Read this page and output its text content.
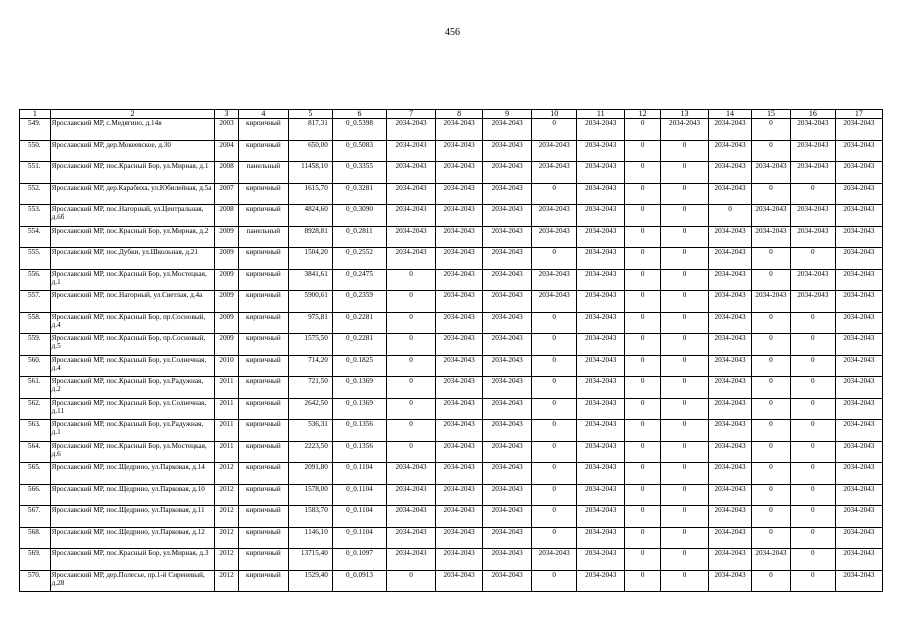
456
1	2	3	4	5	6	7	8	9	10	11	12	13	14	15	16	17
549.	Ярославский МР, с.Медягино, д.14в	2003	кирпичный	817,31	0_0.5398	2034-2043	2034-2043	2034-2043	0	2034-2043	0	2034-2043	2034-2043	0	2034-2043	2034-2043
550.	Ярославский МР, дер.Мокеевское, д.30	2004	кирпичный	650,00	0_0.5083	2034-2043	2034-2043	2034-2043	2034-2043	2034-2043	0	0	2034-2043	0	2034-2043	2034-2043
551.	Ярославский МР, пос.Красный Бор, ул.Мирная, д.1	2008	панельный	11458,10	0_0.3355	2034-2043	2034-2043	2034-2043	2034-2043	2034-2043	0	0	2034-2043	2034-2043	2034-2043	2034-2043
552.	Ярославский МР, дер.Карабиха, ул.Юбилейная, д.5а	2007	кирпичный	1615,70	0_0.3281	2034-2043	2034-2043	2034-2043	0	2034-2043	0	0	2034-2043	0	0	2034-2043
553.	Ярославский МР, пос.Нагорный, ул.Центральная, д.6б	2008	кирпичный	4824,60	0_0.3090	2034-2043	2034-2043	2034-2043	2034-2043	2034-2043	0	0	0	2034-2043	2034-2043	2034-2043
554.	Ярославский МР, пос.Красный Бор, ул.Мирная, д.2	2009	панельный	8928,81	0_0.2811	2034-2043	2034-2043	2034-2043	2034-2043	2034-2043	0	0	2034-2043	2034-2043	2034-2043	2034-2043
555.	Ярославский МР, пос.Дубки, ул.Школьная, д.21	2009	кирпичный	1504,20	0_0.2552	2034-2043	2034-2043	2034-2043	0	2034-2043	0	0	2034-2043	0	0	2034-2043
556.	Ярославский МР, пос.Красный Бор, ул.Мостецкая, д.1	2009	кирпичный	3841,61	0_0.2475	0	2034-2043	2034-2043	2034-2043	2034-2043	0	0	2034-2043	0	2034-2043	2034-2043
557.	Ярославский МР, пос.Нагорный, ул.Светлая, д.4а	2009	кирпичный	5900,61	0_0.2359	0	2034-2043	2034-2043	2034-2043	2034-2043	0	0	2034-2043	2034-2043	2034-2043	2034-2043
558.	Ярославский МР, пос.Красный Бор, пр.Сосновый, д.4	2009	кирпичный	975,81	0_0.2281	0	2034-2043	2034-2043	0	2034-2043	0	0	2034-2043	0	0	2034-2043
559.	Ярославский МР, пос.Красный Бор, пр.Сосновый, д.5	2009	кирпичный	1575,50	0_0.2281	0	2034-2043	2034-2043	0	2034-2043	0	0	2034-2043	0	0	2034-2043
560.	Ярославский МР, пос.Красный Бор, ул.Солнечная, д.4	2010	кирпичный	714,20	0_0.1825	0	2034-2043	2034-2043	0	2034-2043	0	0	2034-2043	0	0	2034-2043
561.	Ярославский МР, пос.Красный Бор, ул.Радужная, д.2	2011	кирпичный	721,50	0_0.1369	0	2034-2043	2034-2043	0	2034-2043	0	0	2034-2043	0	0	2034-2043
562.	Ярославский МР, пос.Красный Бор, ул.Солнечная, д.11	2011	кирпичный	2642,50	0_0.1369	0	2034-2043	2034-2043	0	2034-2043	0	0	2034-2043	0	0	2034-2043
563.	Ярославский МР, пос.Красный Бор, ул.Радужная, д.1	2011	кирпичный	536,31	0_0.1356	0	2034-2043	2034-2043	0	2034-2043	0	0	2034-2043	0	0	2034-2043
564.	Ярославский МР, пос.Красный Бор, ул.Мостецкая, д.6	2011	кирпичный	2223,50	0_0.1356	0	2034-2043	2034-2043	0	2034-2043	0	0	2034-2043	0	0	2034-2043
565.	Ярославский МР, пос.Щедрино, ул.Парковая, д.14	2012	кирпичный	2091,80	0_0.1104	2034-2043	2034-2043	2034-2043	0	2034-2043	0	0	2034-2043	0	0	2034-2043
566.	Ярославский МР, пос.Щедрино, ул.Парковая, д.10	2012	кирпичный	1578,00	0_0.1104	2034-2043	2034-2043	2034-2043	0	2034-2043	0	0	2034-2043	0	0	2034-2043
567.	Ярославский МР, пос.Щедрино, ул.Парковая, д.11	2012	кирпичный	1583,70	0_0.1104	2034-2043	2034-2043	2034-2043	0	2034-2043	0	0	2034-2043	0	0	2034-2043
568.	Ярославский МР, пос.Щедрино, ул.Парковая, д.12	2012	кирпичный	1146,10	0_0.1104	2034-2043	2034-2043	2034-2043	0	2034-2043	0	0	2034-2043	0	0	2034-2043
569.	Ярославский МР, пос.Красный Бор, ул.Мирная, д.3	2012	кирпичный	13715,40	0_0.1097	2034-2043	2034-2043	2034-2043	2034-2043	2034-2043	0	0	2034-2043	2034-2043	0	2034-2043
570.	Ярославский МР, дер.Полесье, пр.1-й Сиреневый, д.28	2012	кирпичный	1529,40	0_0.0913	0	2034-2043	2034-2043	0	2034-2043	0	0	2034-2043	0	0	2034-2043
